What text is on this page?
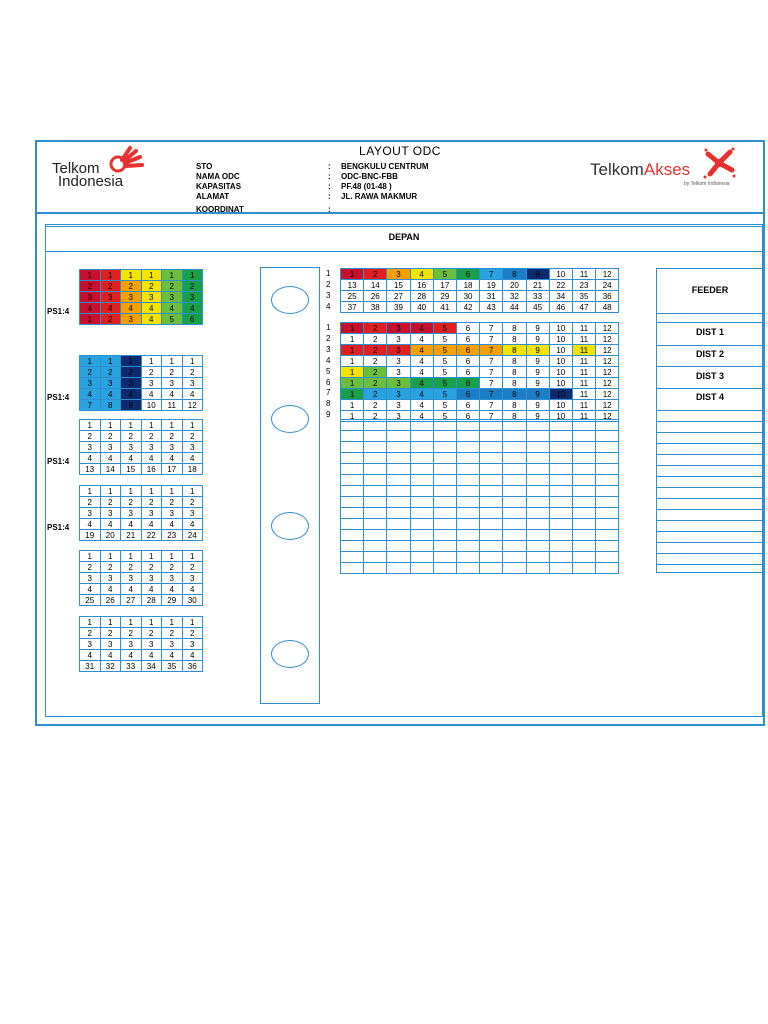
DEPAN
Telkom
Indonesia
LAYOUT ODC
STO	: BENGKULU CENTRUM
NAMA ODC	: ODC-BNC-FBB
KAPASITAS	: PF.48 (01-48 )
ALAMAT	: JL. RAWA MAKMUR
KOORDINAT	:
TelkomAkses
by Telkom Indonesia
1	1	1	1	1	1
2	2	2	2	2	2
3	3	3	3	3	3
4	4	4	4	4	4
1	2	3	4	5	6
PS1:4
1	1	1	1	1	1
2	2	2	2	2	2
3	3	3	3	3	3
4	4	4	4	4	4
7	8	9	10	11	12
PS1:4
1	1	1	1	1	1
2	2	2	2	2	2
3	3	3	3	3	3
4	4	4	4	4	4
13	14	15	16	17	18
PS1:4
1	1	1	1	1	1
2	2	2	2	2	2
3	3	3	3	3	3
4	4	4	4	4	4
19	20	21	22	23	24
PS1:4
1	1	1	1	1	1
2	2	2	2	2	2
3	3	3	3	3	3
4	4	4	4	4	4
25	26	27	28	29	30
1	1	1	1	1	1
2	2	2	2	2	2
3	3	3	3	3	3
4	4	4	4	4	4
31	32	33	34	35	36
1	2	3	4	5	6	7	8	9	10	11	12
13	14	15	16	17	18	19	20	21	22	23	24
25	26	27	28	29	30	31	32	33	34	35	36
37	38	39	40	41	42	43	44	45	46	47	48
1
2
3
4
1	2	3	4	5	6	7	8	9	10	11	12
1	2	3	4	5	6	7	8	9	10	11	12
1	2	3	4	5	6	7	8	9	10	11	12
1	2	3	4	5	6	7	8	9	10	11	12
1	2	3	4	5	6	7	8	9	10	11	12
1	2	3	4	5	6	7	8	9	10	11	12
1	2	3	4	5	6	7	8	9	10	11	12
1	2	3	4	5	6	7	8	9	10	11	12
1	2	3	4	5	6	7	8	9	10	11	12
1
2
3
4
5
6
7
8
9

FEEDER
DIST 1
DIST 2
DIST 3
DIST 4
